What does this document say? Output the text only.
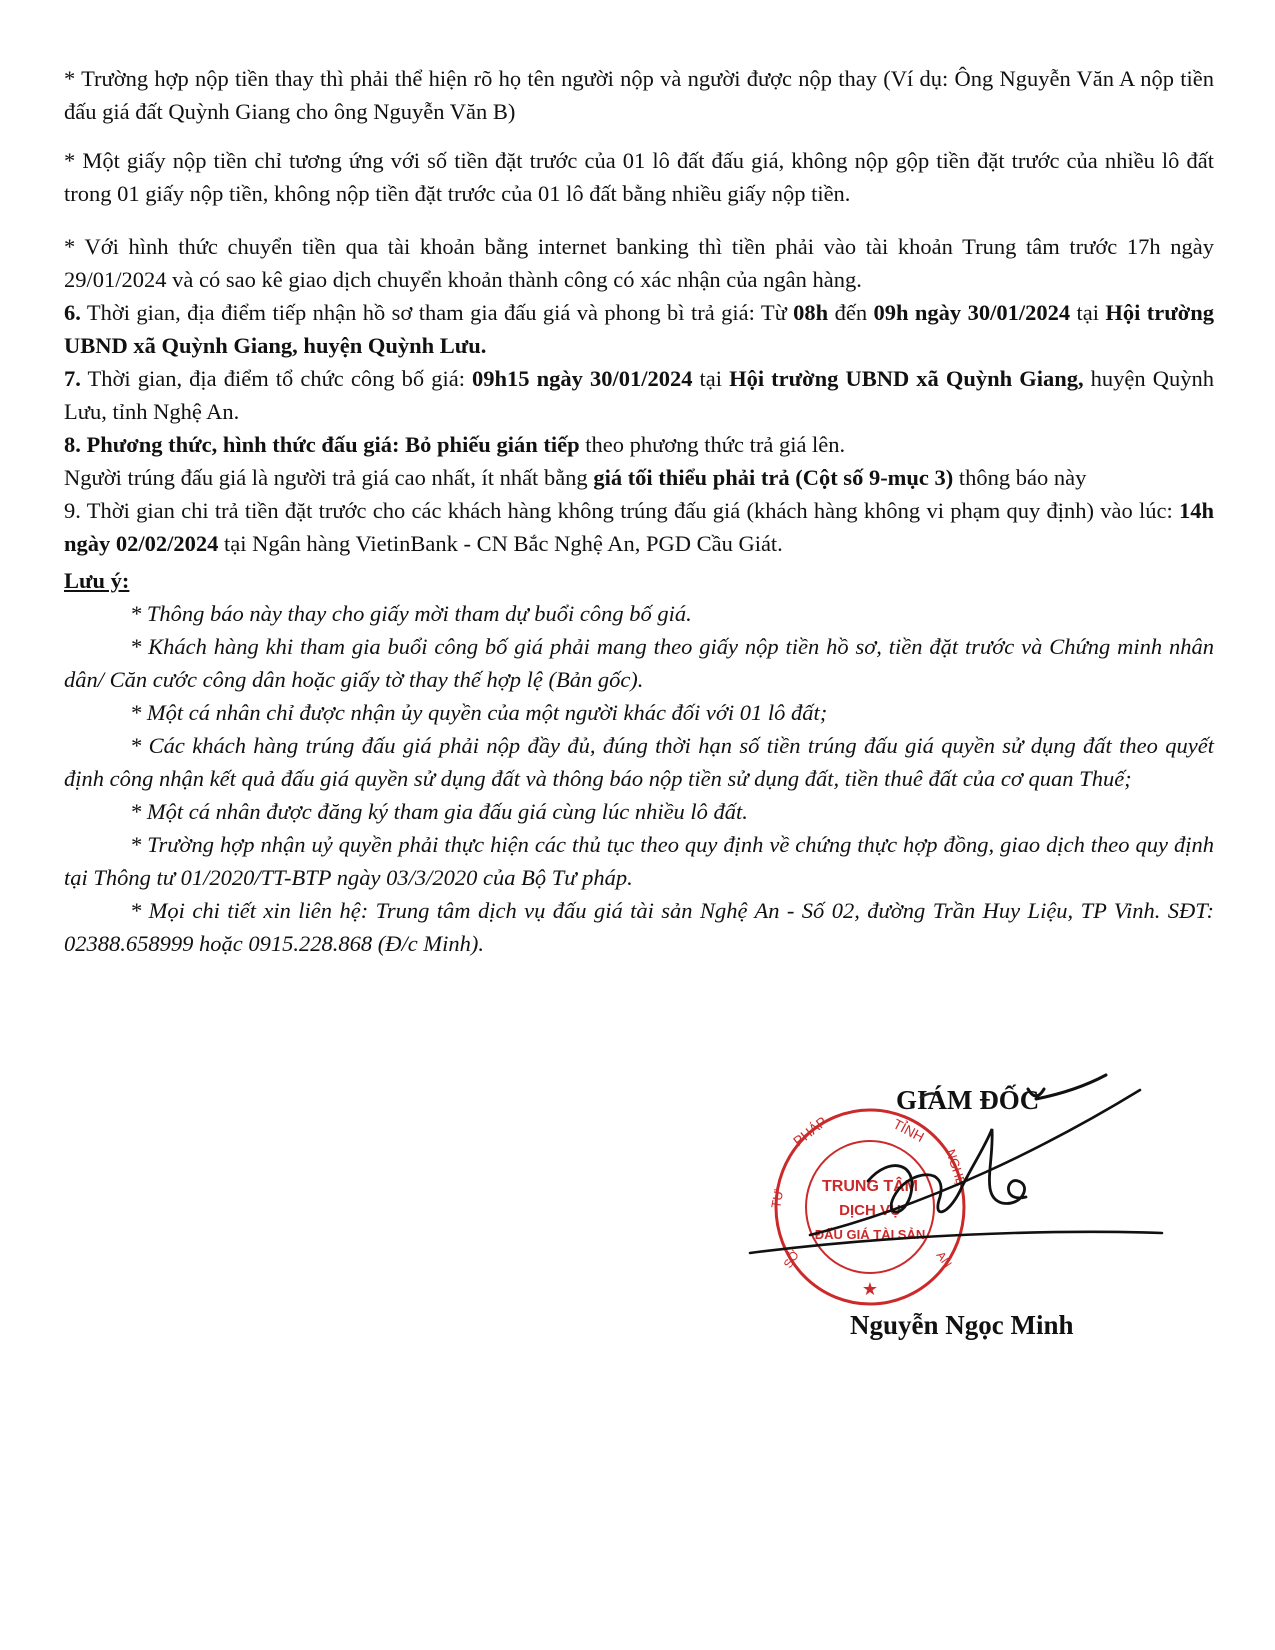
* Trường hợp nộp tiền thay thì phải thể hiện rõ họ tên người nộp và người được nộp thay (Ví dụ: Ông Nguyễn Văn A nộp tiền đấu giá đất Quỳnh Giang cho ông Nguyễn Văn B)

* Một giấy nộp tiền chỉ tương ứng với số tiền đặt trước của 01 lô đất đấu giá, không nộp gộp tiền đặt trước của nhiều lô đất trong 01 giấy nộp tiền, không nộp tiền đặt trước của 01 lô đất bằng nhiều giấy nộp tiền.

* Với hình thức chuyển tiền qua tài khoản bằng internet banking thì tiền phải vào tài khoản Trung tâm trước 17h ngày 29/01/2024 và có sao kê giao dịch chuyển khoản thành công có xác nhận của ngân hàng.

6. Thời gian, địa điểm tiếp nhận hồ sơ tham gia đấu giá và phong bì trả giá: Từ 08h đến 09h ngày 30/01/2024 tại Hội trường UBND xã Quỳnh Giang, huyện Quỳnh Lưu.

7. Thời gian, địa điểm tổ chức công bố giá: 09h15 ngày 30/01/2024 tại Hội trường UBND xã Quỳnh Giang, huyện Quỳnh Lưu, tỉnh Nghệ An.

8. Phương thức, hình thức đấu giá: Bỏ phiếu gián tiếp theo phương thức trả giá lên.

Người trúng đấu giá là người trả giá cao nhất, ít nhất bằng giá tối thiểu phải trả (Cột số 9-mục 3) thông báo này

9. Thời gian chi trả tiền đặt trước cho các khách hàng không trúng đấu giá (khách hàng không vi phạm quy định) vào lúc: 14h ngày 02/02/2024 tại Ngân hàng VietinBank - CN Bắc Nghệ An, PGD Cầu Giát.

Lưu ý:

* Thông báo này thay cho giấy mời tham dự buổi công bố giá.

* Khách hàng khi tham gia buổi công bố giá phải mang theo giấy nộp tiền hồ sơ, tiền đặt trước và Chứng minh nhân dân/ Căn cước công dân hoặc giấy tờ thay thế hợp lệ (Bản gốc).

* Một cá nhân chỉ được nhận ủy quyền của một người khác đối với 01 lô đất;

* Các khách hàng trúng đấu giá phải nộp đầy đủ, đúng thời hạn số tiền trúng đấu giá quyền sử dụng đất theo quyết định công nhận kết quả đấu giá quyền sử dụng đất và thông báo nộp tiền sử dụng đất, tiền thuê đất của cơ quan Thuế;

* Một cá nhân được đăng ký tham gia đấu giá cùng lúc nhiều lô đất.

* Trường hợp nhận uỷ quyền phải thực hiện các thủ tục theo quy định về chứng thực hợp đồng, giao dịch theo quy định tại Thông tư 01/2020/TT-BTP ngày 03/3/2020 của Bộ Tư pháp.

* Mọi chi tiết xin liên hệ: Trung tâm dịch vụ đấu giá tài sản Nghệ An - Số 02, đường Trần Huy Liệu, TP Vinh. SĐT: 02388.658999 hoặc 0915.228.868 (Đ/c Minh).

PHÁP	TỈNH
TƯ
NGHỆ
SỞ	AN
TRUNG TÂM
DỊCH VỤ
ĐẤU GIÁ TÀI SẢN
★
GIÁM ĐỐC
Nguyễn Ngọc Minh
